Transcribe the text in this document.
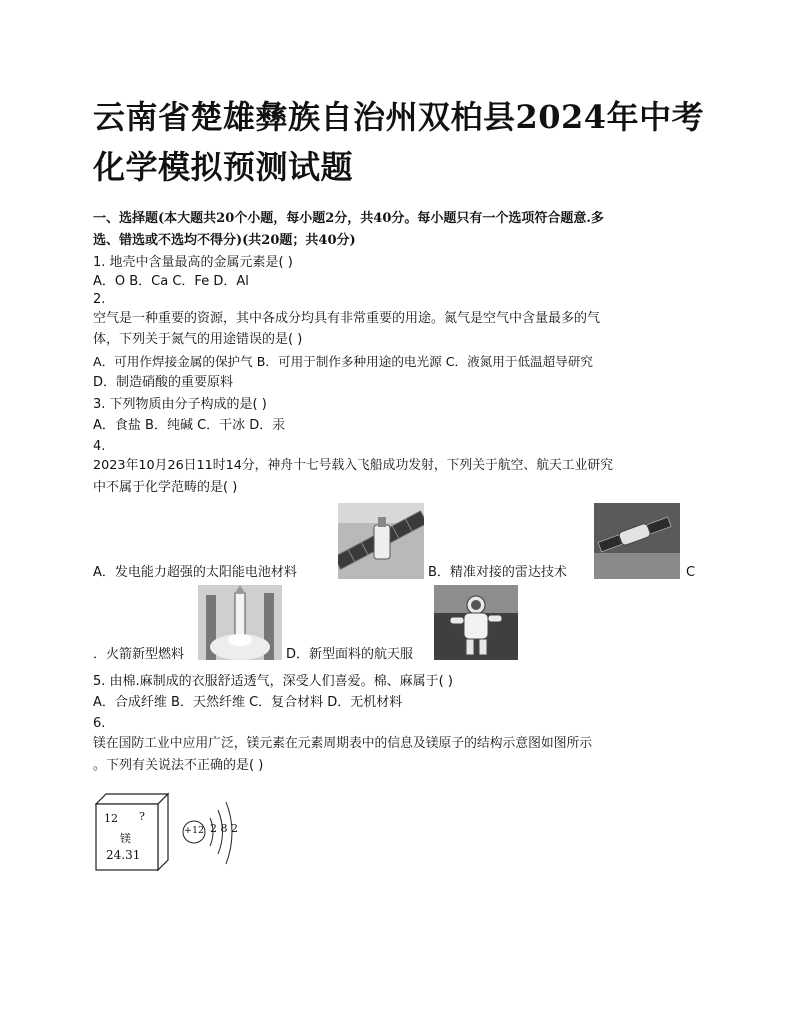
云南省楚雄彝族自治州双柏县2024年中考化学模拟预测试题
一、选择题(本大题共20个小题，每小题2分，共40分。每小题只有一个选项符合题意.多
选、错选或不选均不得分)(共20题；共40分)
1. 地壳中含量最高的金属元素是( )
A．O B．Ca C．Fe D．Al
2.
空气是一种重要的资源，其中各成分均具有非常重要的用途。氮气是空气中含量最多的气
体，下列关于氮气的用途错误的是( )
A．可用作焊接金属的保护气 B．可用于制作多种用途的电光源 C．液氮用于低温超导研究
D．制造硝酸的重要原料
3. 下列物质由分子构成的是( )
A．食盐 B．纯碱 C．干冰 D．汞
4.
2023年10月26日11时14分，神舟十七号载入飞船成功发射，下列关于航空、航天工业研究
中不属于化学范畴的是( )
A．发电能力超强的太阳能电池材料	B．精准对接的雷达技术	C
．火箭新型燃料	D．新型面料的航天服
5. 由棉.麻制成的衣服舒适透气，深受人们喜爱。棉、麻属于( )
A．合成纤维 B．天然纤维 C．复合材料 D．无机材料
6.
镁在国防工业中应用广泛，镁元素在元素周期表中的信息及镁原子的结构示意图如图所示
。下列有关说法不正确的是( )
12 ?
镁
24.31
+12 2 8 2
